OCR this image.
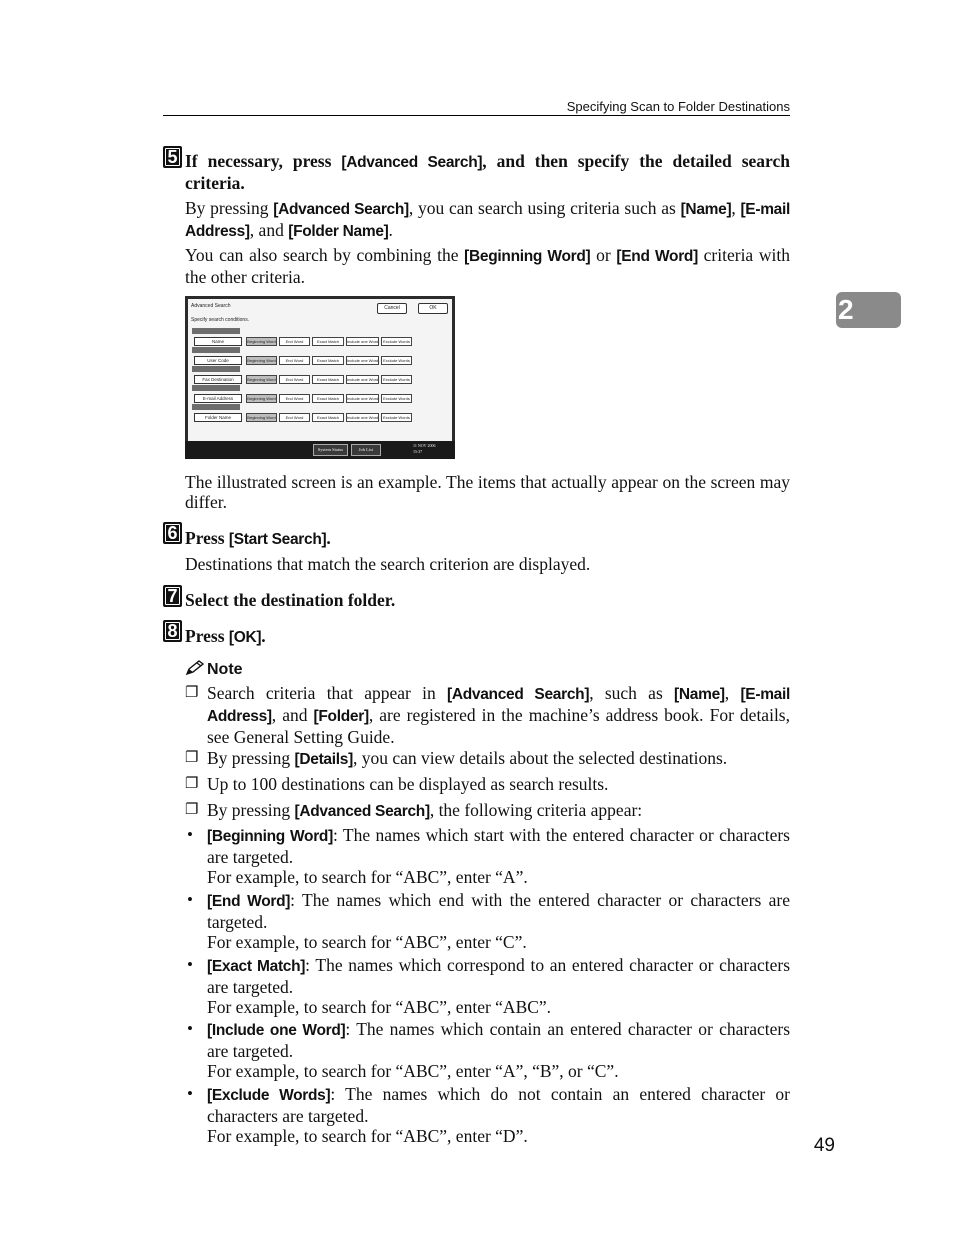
Specifying Scan to Folder Destinations
2
5 If necessary, press [Advanced Search], and then specify the detailed search criteria.
By pressing [Advanced Search], you can search using criteria such as [Name], [E-mail Address], and [Folder Name].
You can also search by combining the [Beginning Word] or [End Word] criteria with the other criteria.
Advanced Search	Cancel	OK
Specify search conditions.
Name	Beginning Word	End Word	Exact Match	Include one Word	Exclude Words
User Code	Beginning Word	End Word	Exact Match	Include one Word	Exclude Words
Fax Destination	Beginning Word	End Word	Exact Match	Include one Word	Exclude Words
E-mail Address	Beginning Word	End Word	Exact Match	Include one Word	Exclude Words
Folder Name	Beginning Word	End Word	Exact Match	Include one Word	Exclude Words
System Status	Job List
11 NOV 2006
15:37
The illustrated screen is an example. The items that actually appear on the screen may differ.
6 Press [Start Search].
Destinations that match the search criterion are displayed.
7 Select the destination folder.
8 Press [OK].
Note
❐ Search criteria that appear in [Advanced Search], such as [Name], [E-mail Address], and [Folder], are registered in the machine’s address book. For details, see General Setting Guide.
❐ By pressing [Details], you can view details about the selected destinations.
❐ Up to 100 destinations can be displayed as search results.
❐ By pressing [Advanced Search], the following criteria appear:
• [Beginning Word]: The names which start with the entered character or characters are targeted.
For example, to search for “ABC”, enter “A”.
• [End Word]: The names which end with the entered character or characters are targeted.
For example, to search for “ABC”, enter “C”.
• [Exact Match]: The names which correspond to an entered character or characters are targeted.
For example, to search for “ABC”, enter “ABC”.
• [Include one Word]: The names which contain an entered character or characters are targeted.
For example, to search for “ABC”, enter “A”, “B”, or “C”.
• [Exclude Words]: The names which do not contain an entered character or characters are targeted.
For example, to search for “ABC”, enter “D”.	49
